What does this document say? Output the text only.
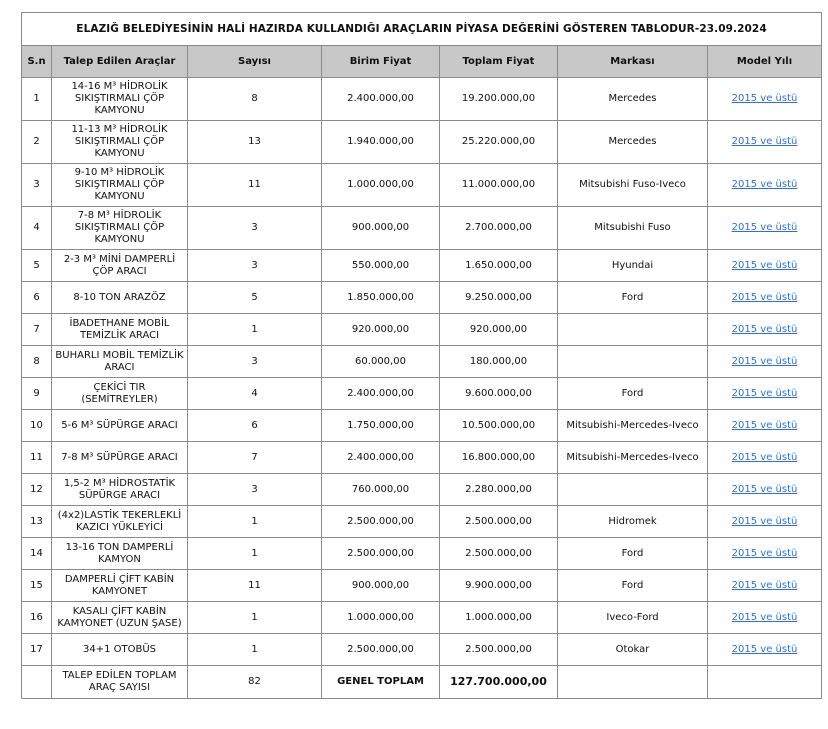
ELAZIĞ BELEDİYESİNİN HALİ HAZIRDA KULLANDIĞI ARAÇLARIN PİYASA DEĞERİNİ GÖSTEREN TABLODUR-23.09.2024						
S.n	Talep Edilen Araçlar	Sayısı	Birim Fiyat	Toplam Fiyat	Markası	Model Yılı
1	14-16 M³ HİDROLİK SIKIŞTIRMALI ÇÖP KAMYONU	8	2.400.000,00	19.200.000,00	Mercedes	2015 ve üstü
2	11-13 M³ HİDROLİK SIKIŞTIRMALI ÇÖP KAMYONU	13	1.940.000,00	25.220.000,00	Mercedes	2015 ve üstü
3	9-10 M³ HİDROLİK SIKIŞTIRMALI ÇÖP KAMYONU	11	1.000.000,00	11.000.000,00	Mitsubishi Fuso-Iveco	2015 ve üstü
4	7-8 M³ HİDROLİK SIKIŞTIRMALI ÇÖP KAMYONU	3	900.000,00	2.700.000,00	Mitsubishi Fuso	2015 ve üstü
5	2-3 M³ MİNİ DAMPERLİ ÇÖP ARACI	3	550.000,00	1.650.000,00	Hyundai	2015 ve üstü
6	8-10 TON ARAZÖZ	5	1.850.000,00	9.250.000,00	Ford	2015 ve üstü
7	İBADETHANE MOBİL TEMİZLİK ARACI	1	920.000,00	920.000,00		2015 ve üstü
8	BUHARLI MOBİL TEMİZLİK ARACI	3	60.000,00	180.000,00		2015 ve üstü
9	ÇEKİCİ TIR (SEMİTREYLER)	4	2.400.000,00	9.600.000,00	Ford	2015 ve üstü
10	5-6 M³ SÜPÜRGE ARACI	6	1.750.000,00	10.500.000,00	Mitsubishi-Mercedes-Iveco	2015 ve üstü
11	7-8 M³ SÜPÜRGE ARACI	7	2.400.000,00	16.800.000,00	Mitsubishi-Mercedes-Iveco	2015 ve üstü
12	1,5-2 M³ HİDROSTATİK SÜPÜRGE ARACI	3	760.000,00	2.280.000,00		2015 ve üstü
13	(4x2)LASTİK TEKERLEKLİ KAZICI YÜKLEYİCİ	1	2.500.000,00	2.500.000,00	Hidromek	2015 ve üstü
14	13-16 TON DAMPERLİ KAMYON	1	2.500.000,00	2.500.000,00	Ford	2015 ve üstü
15	DAMPERLİ ÇİFT KABİN KAMYONET	11	900.000,00	9.900.000,00	Ford	2015 ve üstü
16	KASALI ÇİFT KABİN KAMYONET (UZUN ŞASE)	1	1.000.000,00	1.000.000,00	Iveco-Ford	2015 ve üstü
17	34+1 OTOBÜS	1	2.500.000,00	2.500.000,00	Otokar	2015 ve üstü
	TALEP EDİLEN TOPLAM ARAÇ SAYISI	82	GENEL TOPLAM	127.700.000,00		
